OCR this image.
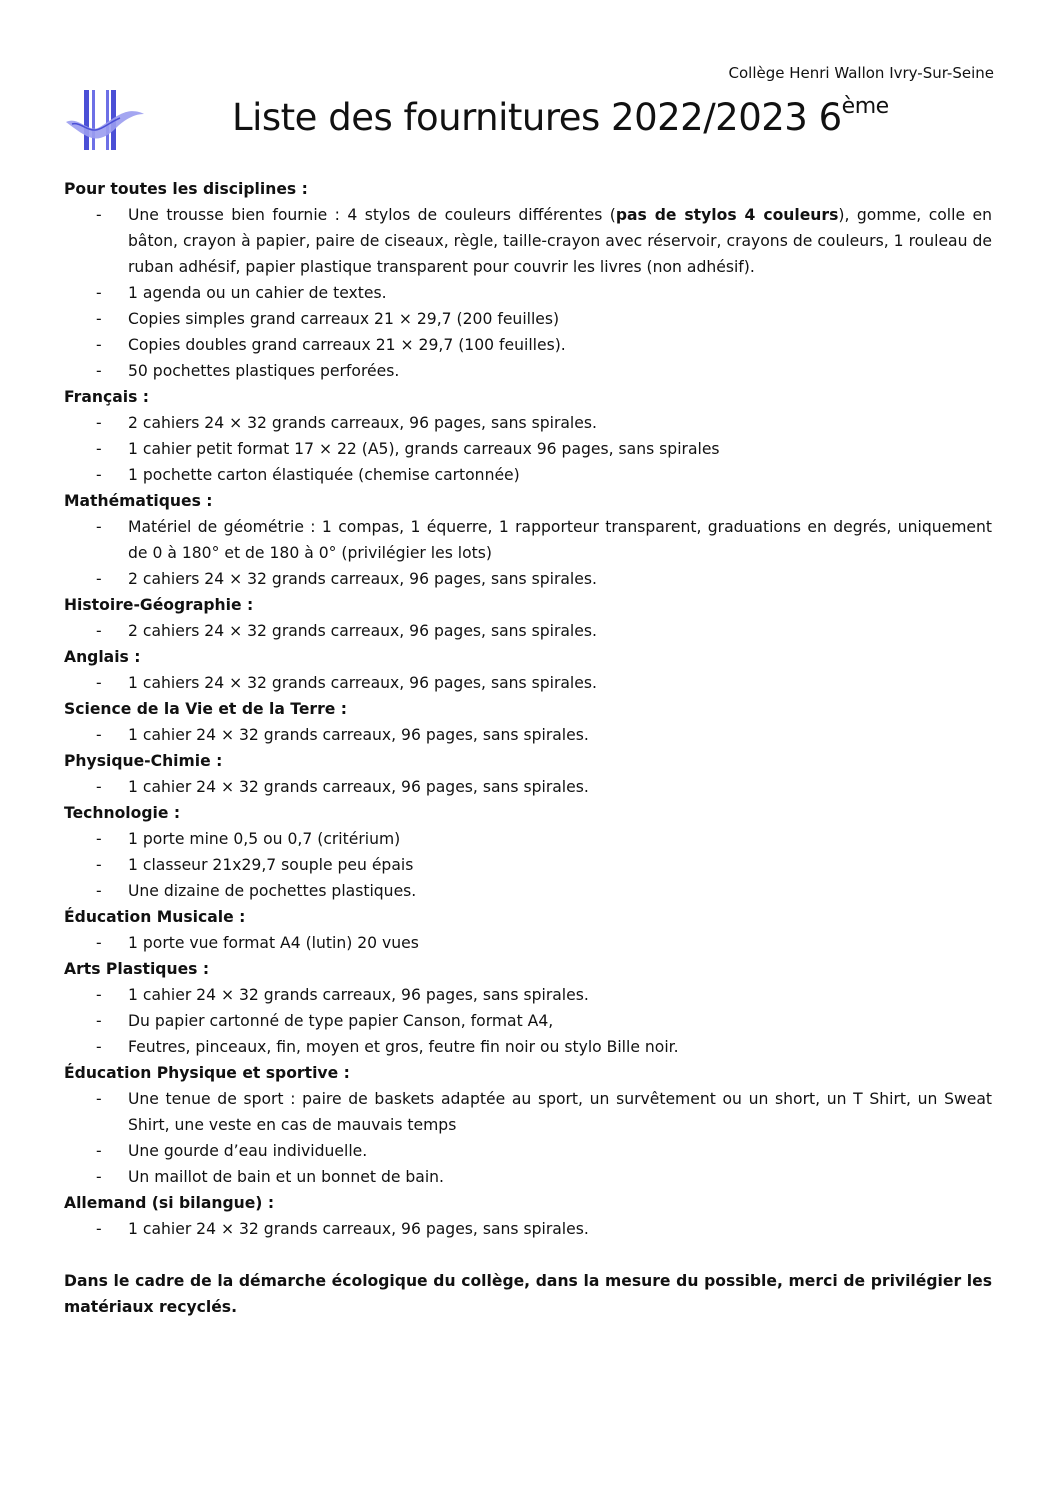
Collège Henri Wallon Ivry-Sur-Seine
Liste des fournitures 2022/2023 6ème

Pour toutes les disciplines :

- Une trousse bien fournie : 4 stylos de couleurs différentes (pas de stylos 4 couleurs), gomme, colle en bâton, crayon à papier, paire de ciseaux, règle, taille-crayon avec réservoir, crayons de couleurs, 1 rouleau de ruban adhésif, papier plastique transparent pour couvrir les livres (non adhésif).
- 1 agenda ou un cahier de textes.
- Copies simples grand carreaux 21 × 29,7 (200 feuilles)
- Copies doubles grand carreaux 21 × 29,7 (100 feuilles).
- 50 pochettes plastiques perforées.

Français :

- 2 cahiers 24 × 32 grands carreaux, 96 pages, sans spirales.
- 1 cahier petit format 17 × 22 (A5), grands carreaux 96 pages, sans spirales
- 1 pochette carton élastiquée (chemise cartonnée)

Mathématiques :

- Matériel de géométrie : 1 compas, 1 équerre, 1 rapporteur transparent, graduations en degrés, uniquement de 0 à 180° et de 180 à 0° (privilégier les lots)
- 2 cahiers 24 × 32 grands carreaux, 96 pages, sans spirales.

Histoire-Géographie :

- 2 cahiers 24 × 32 grands carreaux, 96 pages, sans spirales.

Anglais :

- 1 cahiers 24 × 32 grands carreaux, 96 pages, sans spirales.

Science de la Vie et de la Terre :

- 1 cahier 24 × 32 grands carreaux, 96 pages, sans spirales.

Physique-Chimie :

- 1 cahier 24 × 32 grands carreaux, 96 pages, sans spirales.

Technologie :

- 1 porte mine 0,5 ou 0,7 (critérium)
- 1 classeur 21x29,7 souple peu épais
- Une dizaine de pochettes plastiques.

Éducation Musicale :

- 1 porte vue format A4 (lutin) 20 vues

Arts Plastiques :

- 1 cahier 24 × 32 grands carreaux, 96 pages, sans spirales.
- Du papier cartonné de type papier Canson, format A4,
- Feutres, pinceaux, fin, moyen et gros, feutre fin noir ou stylo Bille noir.

Éducation Physique et sportive :

- Une tenue de sport : paire de baskets adaptée au sport, un survêtement ou un short, un T Shirt, un Sweat Shirt, une veste en cas de mauvais temps
- Une gourde d’eau individuelle.
- Un maillot de bain et un bonnet de bain.

Allemand (si bilangue) :

- 1 cahier 24 × 32 grands carreaux, 96 pages, sans spirales.

Dans le cadre de la démarche écologique du collège, dans la mesure du possible, merci de privilégier les matériaux recyclés.
